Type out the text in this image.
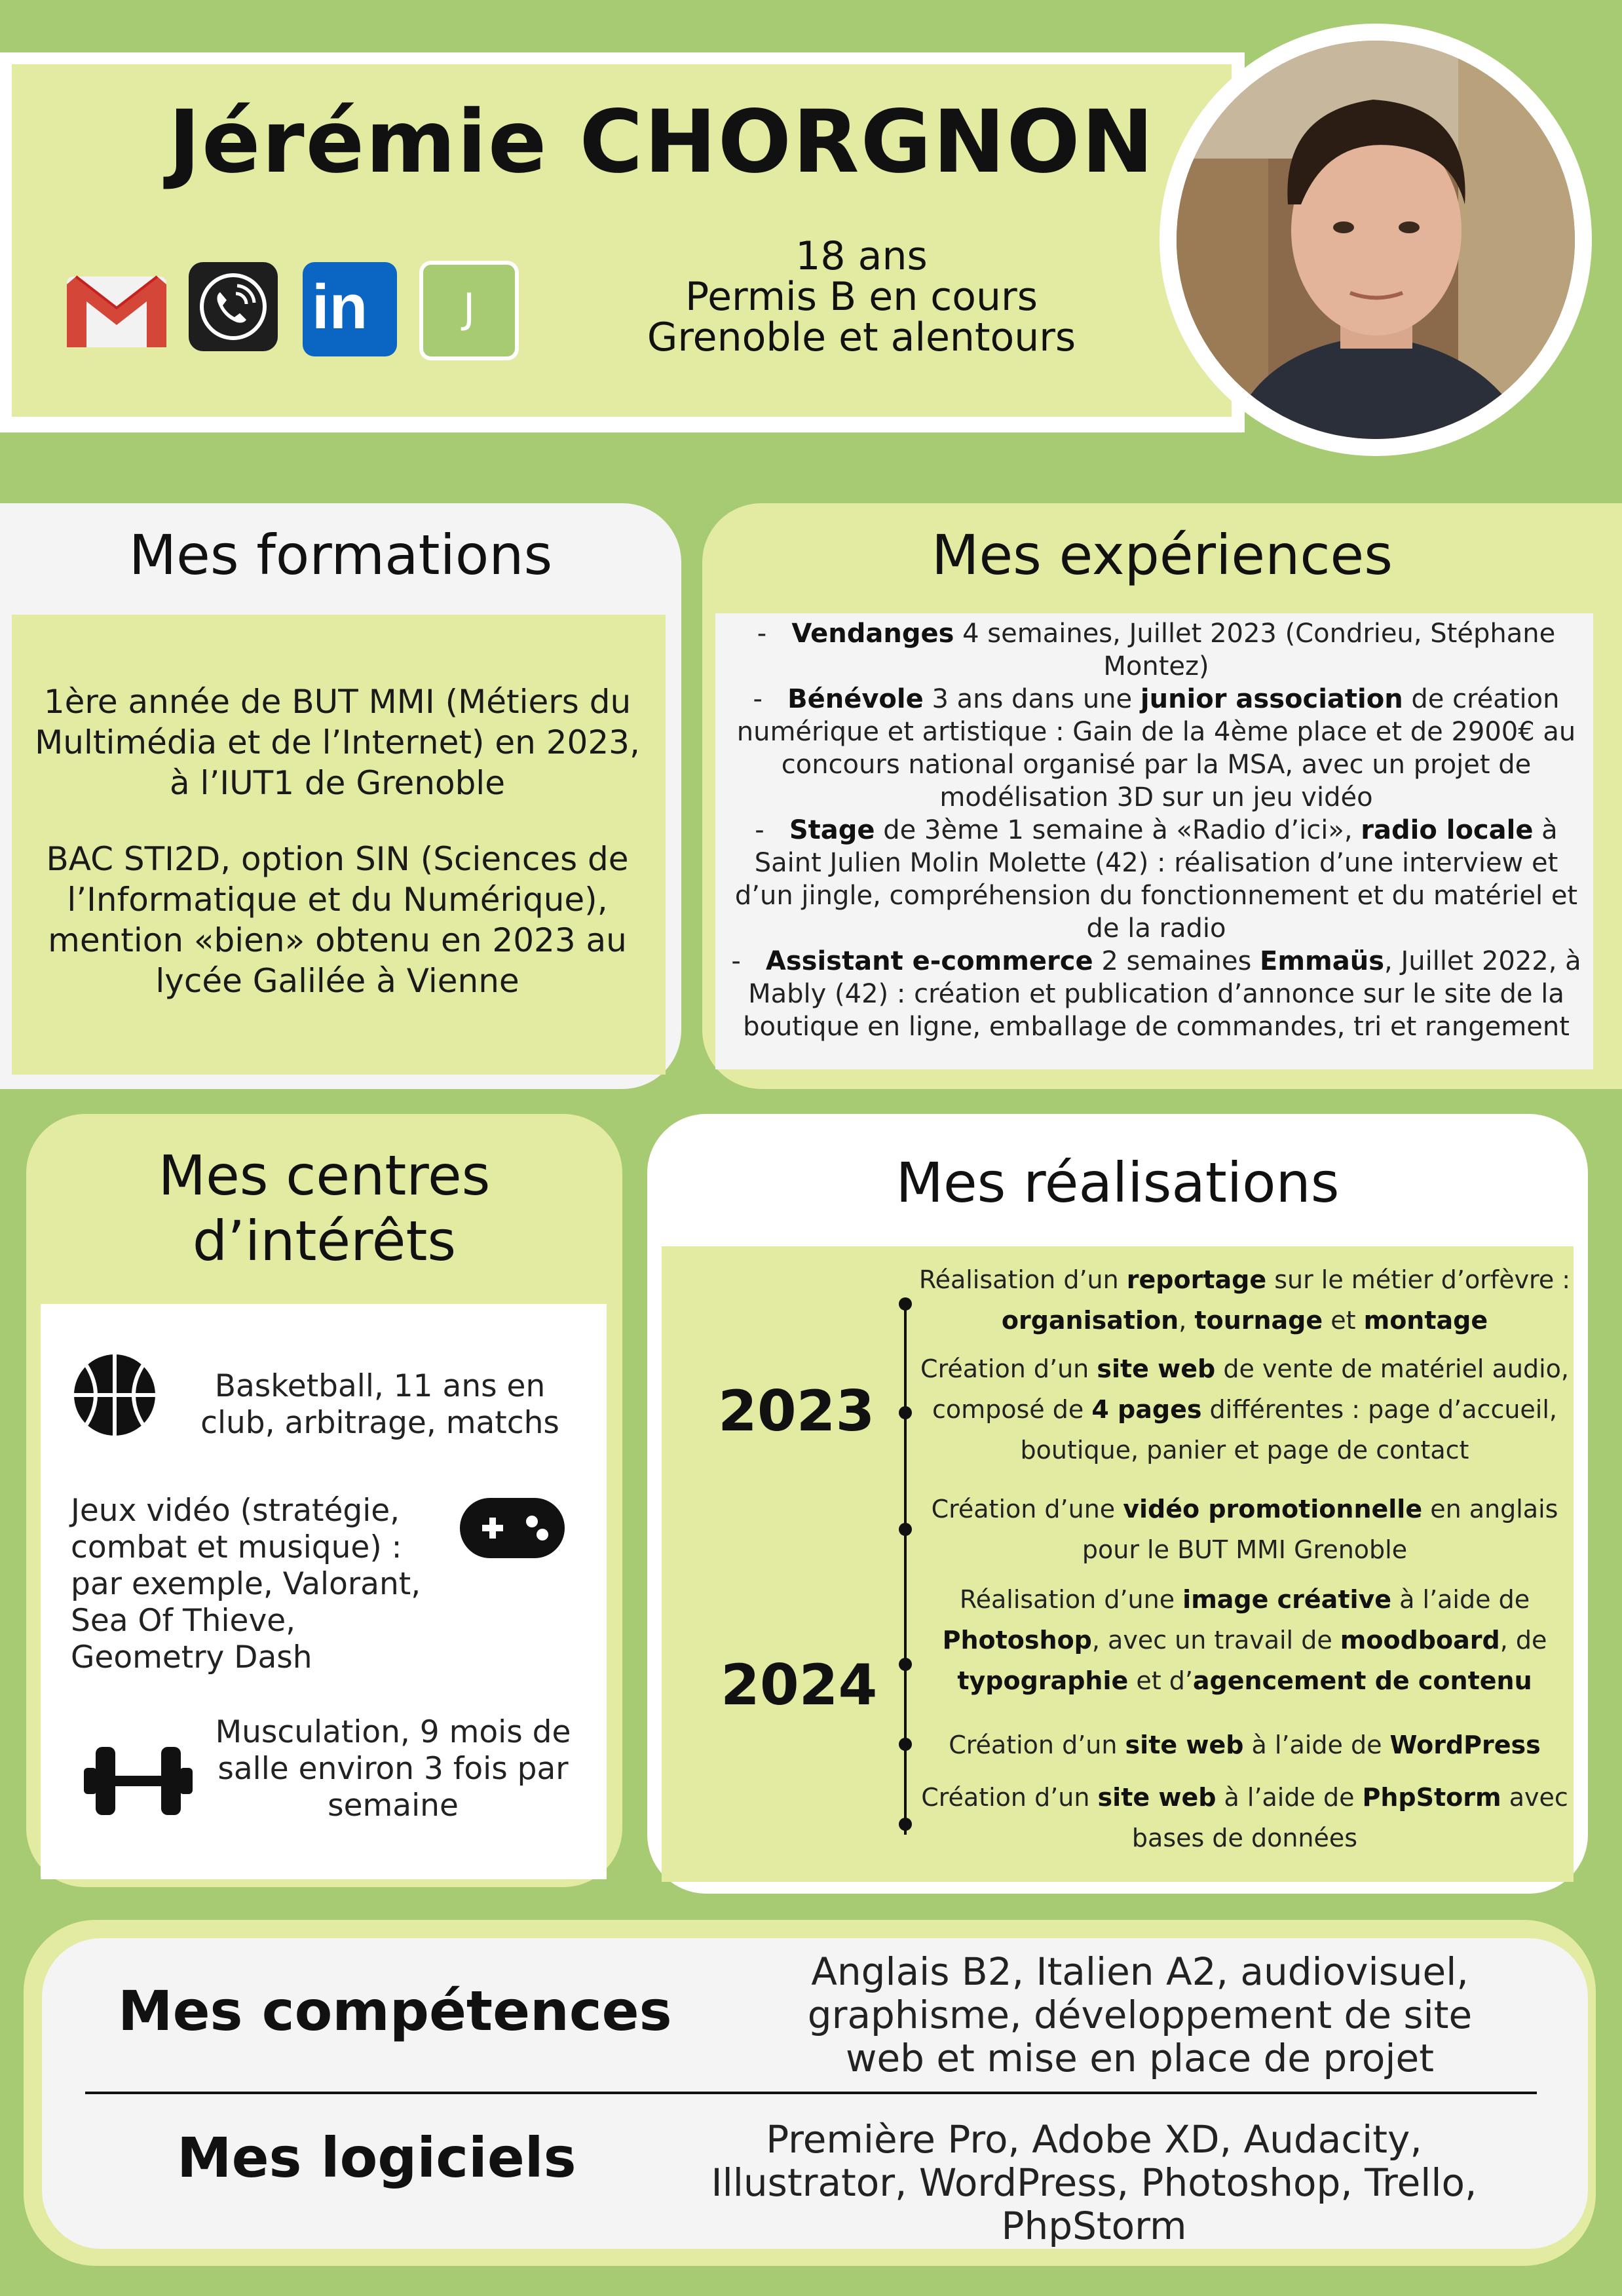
Jérémie CHORGNON
in	J
18 ans
Permis B en cours
Grenoble et alentours
Mes formations
1ère année de BUT MMI (Métiers du Multimédia et de l’Internet) en 2023, à l’IUT1 de Grenoble
BAC STI2D, option SIN (Sciences de l’Informatique et du Numérique), mention «bien» obtenu en 2023 au lycée Galilée à Vienne
Mes expériences
-   Vendanges 4 semaines, Juillet 2023 (Condrieu, Stéphane Montez)
-   Bénévole 3 ans dans une junior association de création numérique et artistique : Gain de la 4ème place et de 2900€ au concours national organisé par la MSA, avec un projet de modélisation 3D sur un jeu vidéo
-   Stage de 3ème 1 semaine à «Radio d’ici», radio locale à Saint Julien Molin Molette (42) : réalisation d’une interview et d’un jingle, compréhension du fonctionnement et du matériel et de la radio
-   Assistant e-commerce 2 semaines Emmaüs, Juillet 2022, à Mably (42) : création et publication d’annonce sur le site de la boutique en ligne, emballage de commandes, tri et rangement
Mes centres
d’intérêts
Basketball, 11 ans en club, arbitrage, matchs
Jeux vidéo (stratégie, combat et musique) : par exemple, Valorant, Sea Of Thieve, Geometry Dash
Musculation, 9 mois de salle environ 3 fois par semaine
Mes réalisations
2023
2024
Réalisation d’un reportage sur le métier d’orfèvre : organisation, tournage et montage
Création d’un site web de vente de matériel audio, composé de 4 pages différentes : page d’accueil, boutique, panier et page de contact
Création d’une vidéo promotionnelle en anglais pour le BUT MMI Grenoble
Réalisation d’une image créative à l’aide de Photoshop, avec un travail de moodboard, de typographie et d’agencement de contenu
Création d’un site web à l’aide de WordPress
Création d’un site web à l’aide de PhpStorm avec bases de données
Mes compétences
Anglais B2, Italien A2, audiovisuel, graphisme, développement de site web et mise en place de projet
Mes logiciels	Première Pro, Adobe XD, Audacity, Illustrator, WordPress, Photoshop, Trello, PhpStorm
